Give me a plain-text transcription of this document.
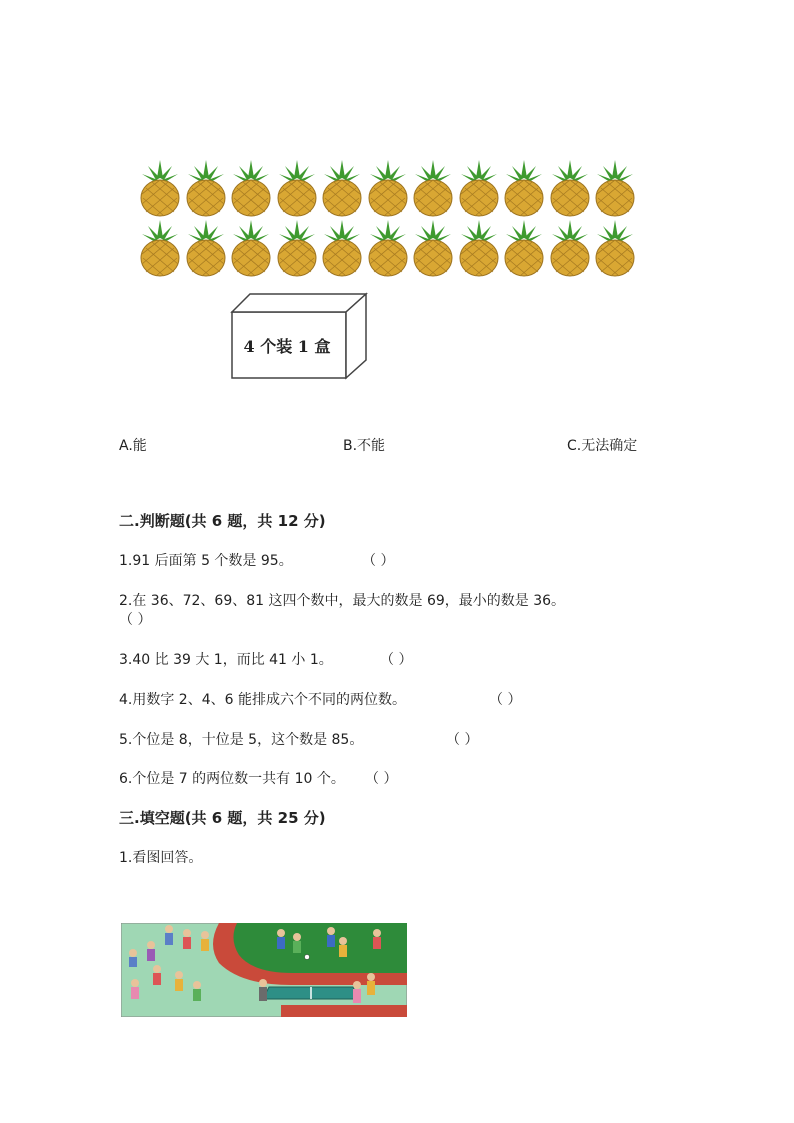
4 个装 1 盒
A.能	B.不能	C.无法确定
二.判断题(共 6 题，共 12 分)
1.91 后面第 5 个数是 95。	（ ）
2.在 36、72、69、81 这四个数中，最大的数是 69，最小的数是 36。
（ ）
3.40 比 39 大 1，而比 41 小 1。	（ ）
4.用数字 2、4、6 能排成六个不同的两位数。	（ ）
5.个位是 8，十位是 5，这个数是 85。	（ ）
6.个位是 7 的两位数一共有 10 个。 （ ）
三.填空题(共 6 题，共 25 分)
1.看图回答。
